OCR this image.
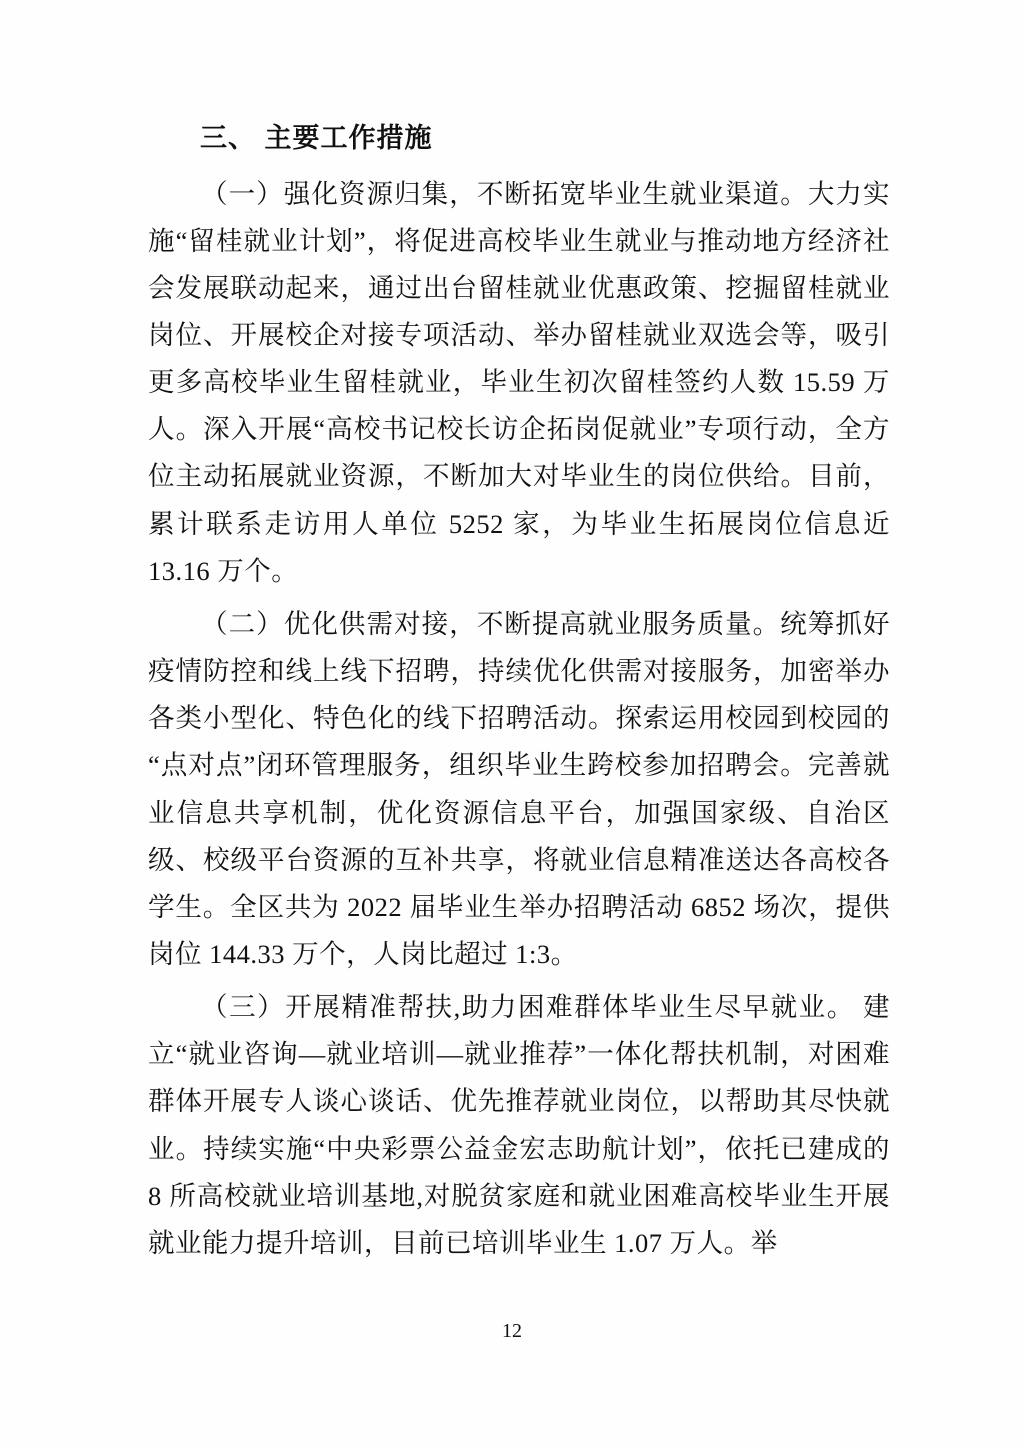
三、 主要工作措施

（一）强化资源归集，不断拓宽毕业生就业渠道。大力实施“留桂就业计划”，将促进高校毕业生就业与推动地方经济社会发展联动起来，通过出台留桂就业优惠政策、挖掘留桂就业岗位、开展校企对接专项活动、举办留桂就业双选会等，吸引更多高校毕业生留桂就业，毕业生初次留桂签约人数 15.59 万人。深入开展“高校书记校长访企拓岗促就业”专项行动，全方位主动拓展就业资源，不断加大对毕业生的岗位供给。目前，累计联系走访用人单位 5252 家，为毕业生拓展岗位信息近 13.16 万个。

（二）优化供需对接，不断提高就业服务质量。统筹抓好疫情防控和线上线下招聘，持续优化供需对接服务，加密举办各类小型化、特色化的线下招聘活动。探索运用校园到校园的“点对点”闭环管理服务，组织毕业生跨校参加招聘会。完善就业信息共享机制，优化资源信息平台，加强国家级、自治区级、校级平台资源的互补共享，将就业信息精准送达各高校各学生。全区共为 2022 届毕业生举办招聘活动 6852 场次，提供岗位 144.33 万个，人岗比超过 1:3。

（三）开展精准帮扶,助力困难群体毕业生尽早就业。 建立“就业咨询—就业培训—就业推荐”一体化帮扶机制，对困难群体开展专人谈心谈话、优先推荐就业岗位，以帮助其尽快就业。持续实施“中央彩票公益金宏志助航计划”，依托已建成的 8 所高校就业培训基地,对脱贫家庭和就业困难高校毕业生开展就业能力提升培训，目前已培训毕业生 1.07 万人。举

12
